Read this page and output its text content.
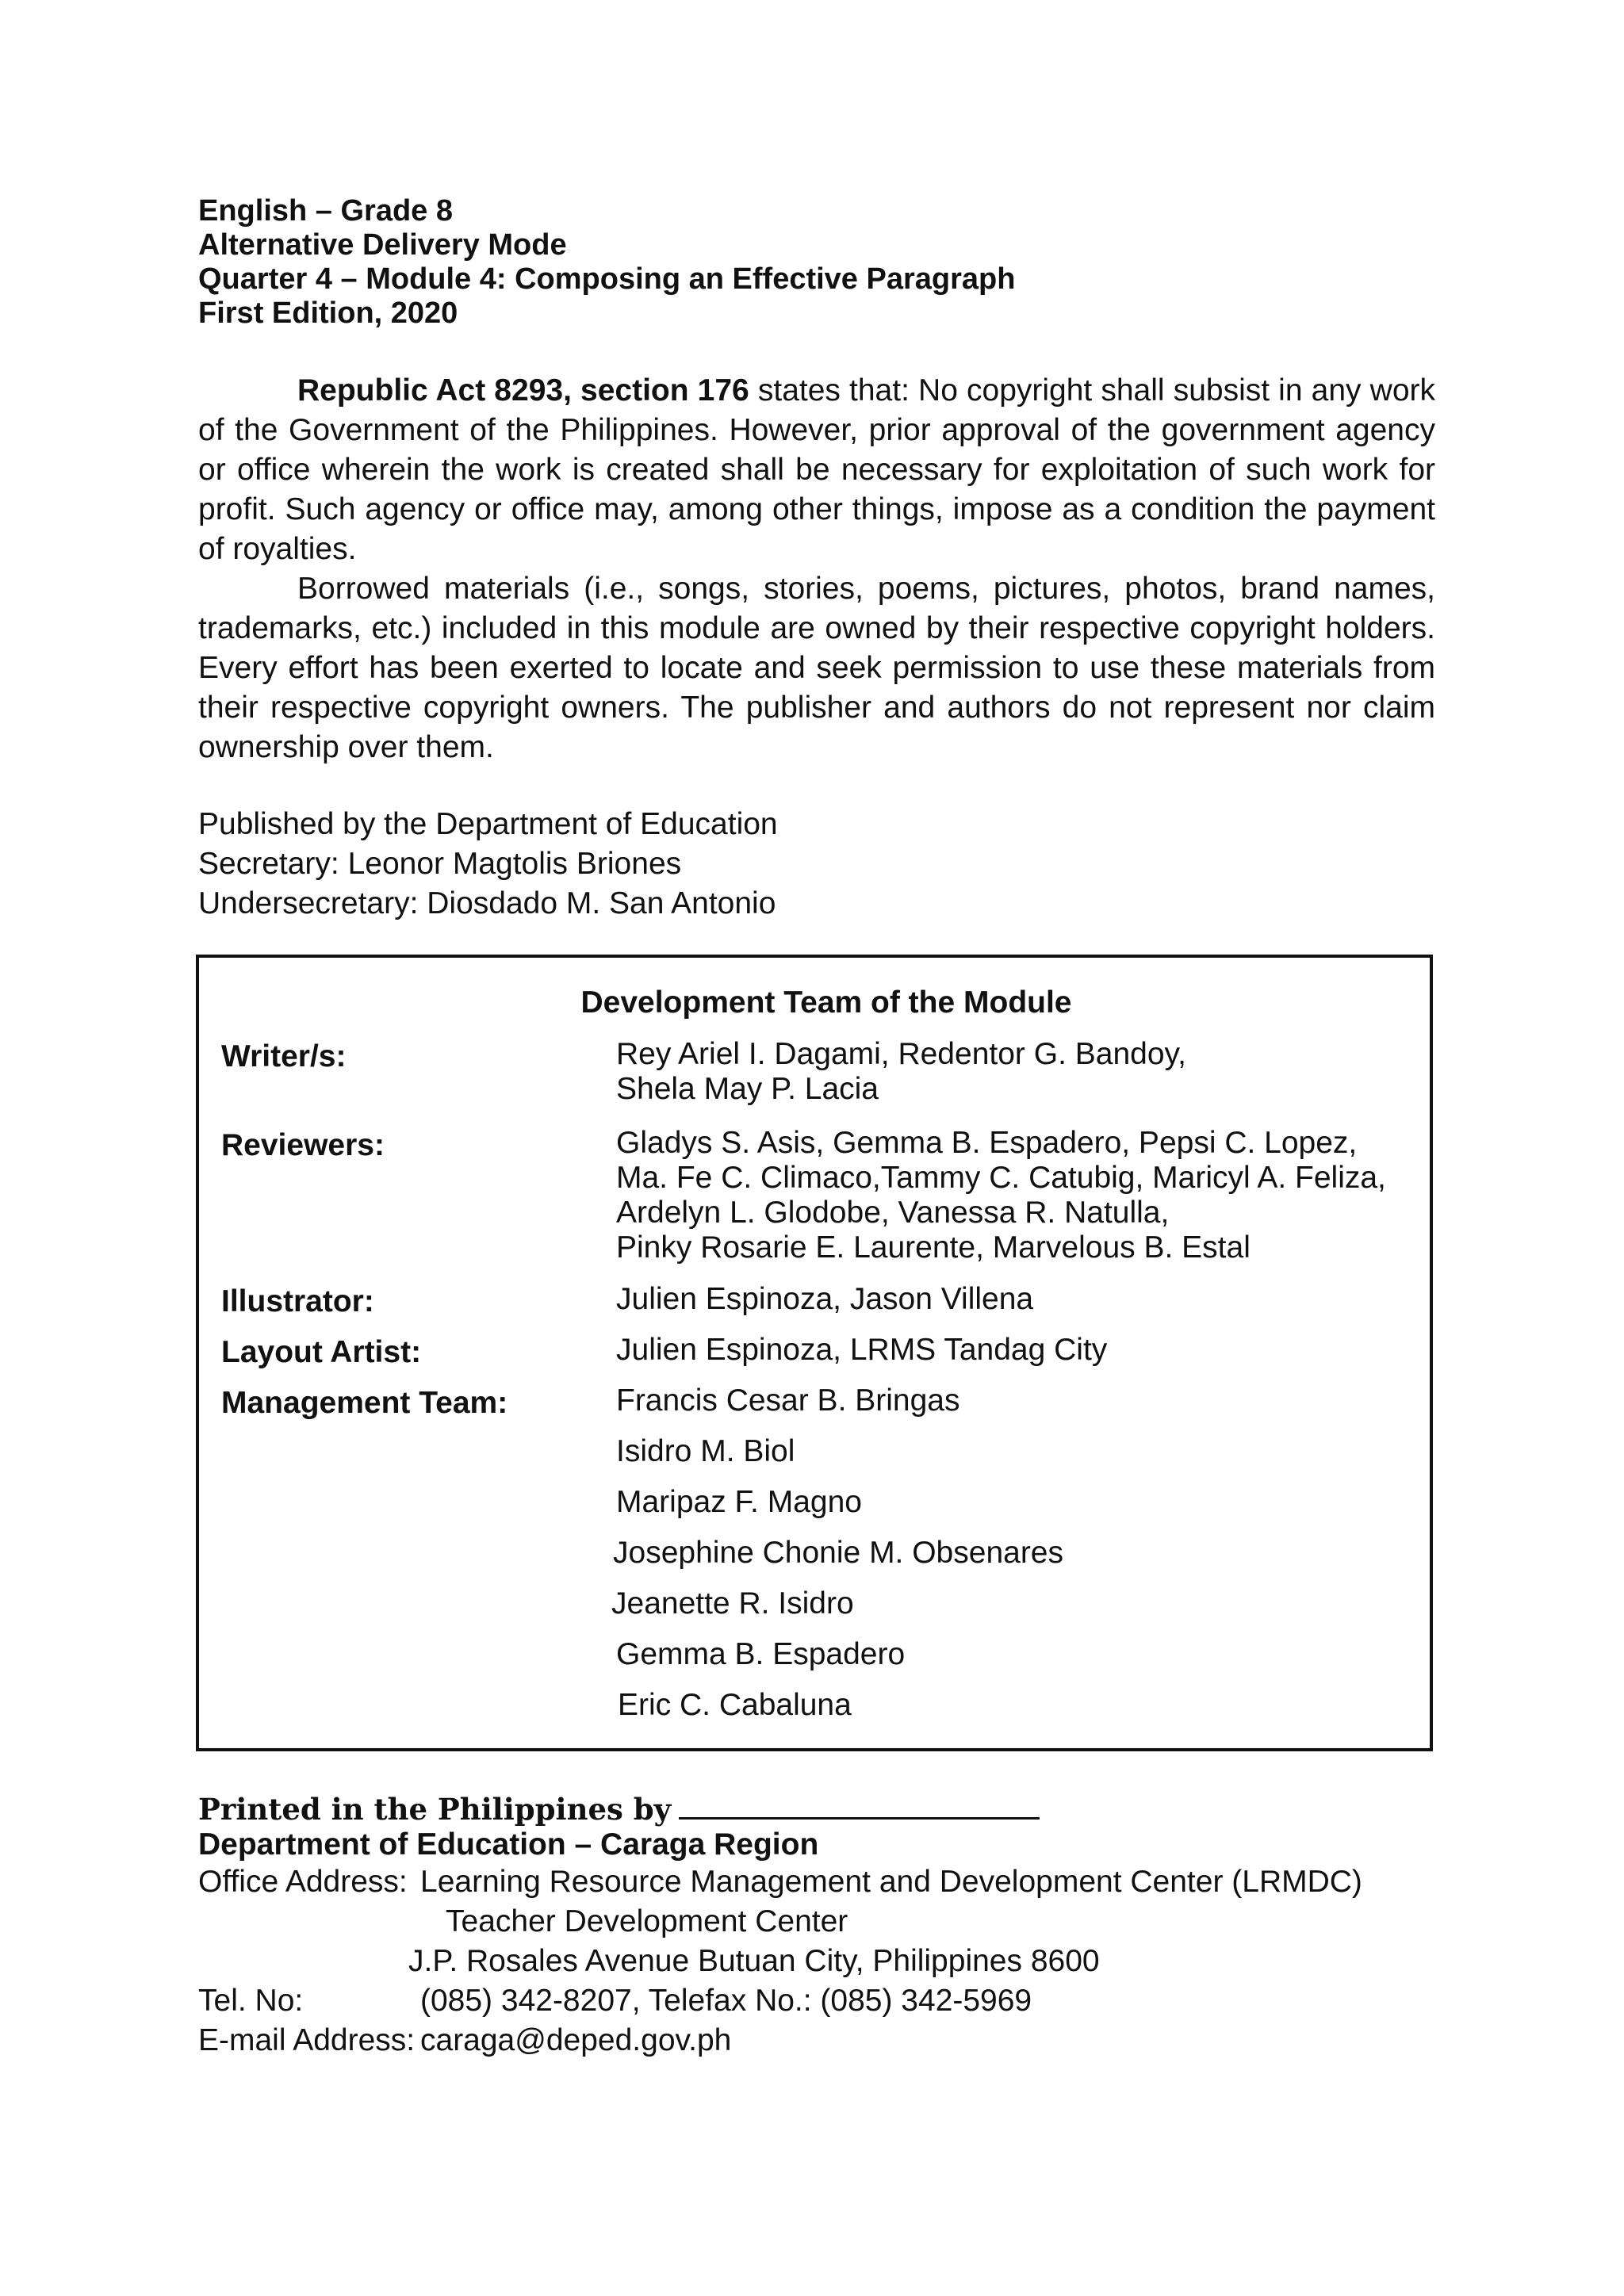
English – Grade 8
Alternative Delivery Mode
Quarter 4 – Module 4: Composing an Effective Paragraph
First Edition, 2020
Republic Act 8293, section 176 states that: No copyright shall subsist in any work of the Government of the Philippines. However, prior approval of the government agency or office wherein the work is created shall be necessary for exploitation of such work for profit. Such agency or office may, among other things, impose as a condition the payment of royalties.
Borrowed materials (i.e., songs, stories, poems, pictures, photos, brand names, trademarks, etc.) included in this module are owned by their respective copyright holders. Every effort has been exerted to locate and seek permission to use these materials from their respective copyright owners. The publisher and authors do not represent nor claim ownership over them.
Published by the Department of Education
Secretary: Leonor Magtolis Briones
Undersecretary: Diosdado M. San Antonio
Development Team of the Module
Writer/s:	Rey Ariel I. Dagami, Redentor G. Bandoy,
Shela May P. Lacia
Reviewers:	Gladys S. Asis, Gemma B. Espadero, Pepsi C. Lopez,
Ma. Fe C. Climaco,Tammy C. Catubig, Maricyl A. Feliza,
Ardelyn L. Glodobe, Vanessa R. Natulla,
Pinky Rosarie E. Laurente, Marvelous B. Estal
Illustrator:	Julien Espinoza, Jason Villena
Layout Artist:	Julien Espinoza, LRMS Tandag City
Management Team:	Francis Cesar B. Bringas
Isidro M. Biol
Maripaz F. Magno
Josephine Chonie M. Obsenares
Jeanette R. Isidro
Gemma B. Espadero
Eric C. Cabaluna
Printed in the Philippines by
Department of Education – Caraga Region
Office Address: Learning Resource Management and Development Center (LRMDC)
Teacher Development Center
J.P. Rosales Avenue Butuan City, Philippines 8600
Tel. No:	(085) 342-8207, Telefax No.: (085) 342-5969
E-mail Address: caraga@deped.gov.ph
